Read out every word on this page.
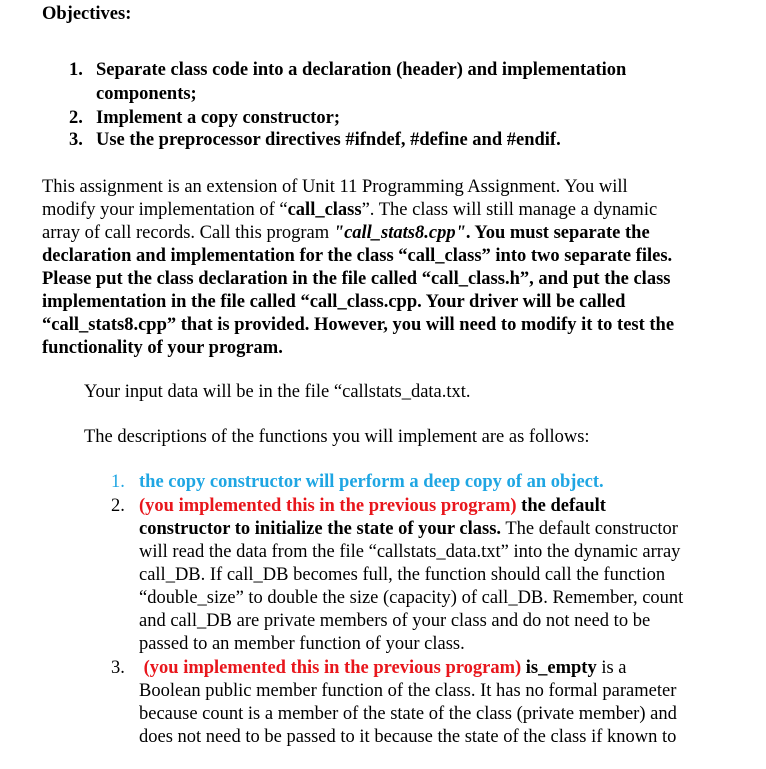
Objectives:
1. Separate class code into a declaration (header) and implementation
components;
2. Implement a copy constructor;
3. Use the preprocessor directives #ifndef, #define and #endif.
This assignment is an extension of Unit 11 Programming Assignment. You will
modify your implementation of “call_class”. The class will still manage a dynamic
array of call records. Call this program "call_stats8.cpp". You must separate the
declaration and implementation for the class “call_class” into two separate files.
Please put the class declaration in the file called “call_class.h”, and put the class
implementation in the file called “call_class.cpp. Your driver will be called
“call_stats8.cpp” that is provided. However, you will need to modify it to test the
functionality of your program.
Your input data will be in the file “callstats_data.txt.
The descriptions of the functions you will implement are as follows:
1. the copy constructor will perform a deep copy of an object.
2. (you implemented this in the previous program) the default
constructor to initialize the state of your class. The default constructor
will read the data from the file “callstats_data.txt” into the dynamic array
call_DB. If call_DB becomes full, the function should call the function
“double_size” to double the size (capacity) of call_DB. Remember, count
and call_DB are private members of your class and do not need to be
passed to an member function of your class.
3. (you implemented this in the previous program) is_empty is a
Boolean public member function of the class. It has no formal parameter
because count is a member of the state of the class (private member) and
does not need to be passed to it because the state of the class if known to
